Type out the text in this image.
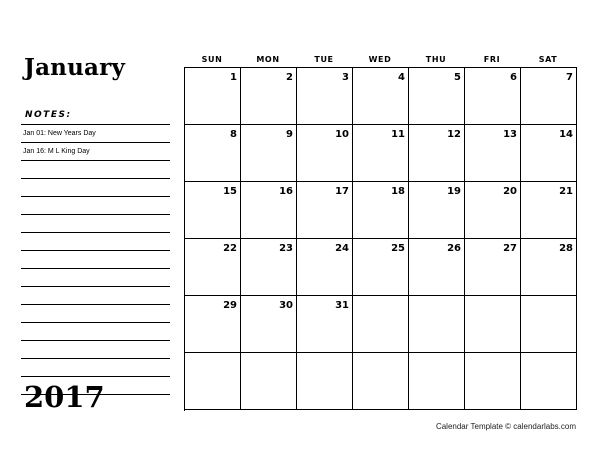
January
NOTES:
Jan 01: New Years Day
Jan 16: M L King Day
2017
SUN	MON	TUE	WED	THU	FRI	SAT
1	2	3	4	5	6	7
8	9	10	11	12	13	14
15	16	17	18	19	20	21
22	23	24	25	26	27	28
29	30	31
Calendar Template © calendarlabs.com
